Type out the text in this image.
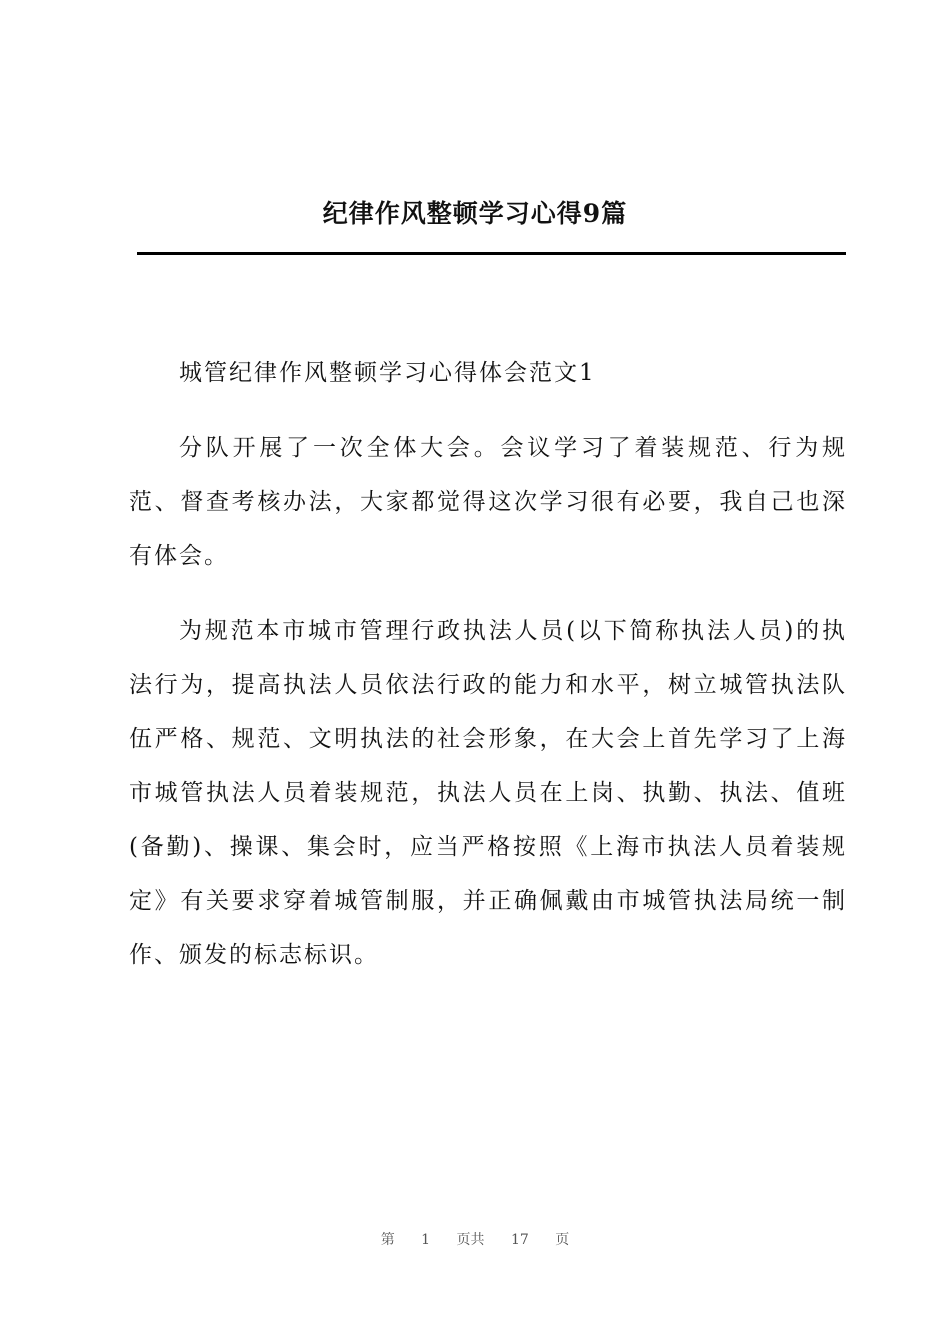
纪律作风整顿学习心得9篇

城管纪律作风整顿学习心得体会范文1

分队开展了一次全体大会。会议学习了着装规范、行为规范、督查考核办法，大家都觉得这次学习很有必要，我自己也深有体会。

为规范本市城市管理行政执法人员(以下简称执法人员)的执法行为，提高执法人员依法行政的能力和水平，树立城管执法队伍严格、规范、文明执法的社会形象，在大会上首先学习了上海市城管执法人员着装规范，执法人员在上岗、执勤、执法、值班(备勤)、操课、集会时，应当严格按照《上海市执法人员着装规定》有关要求穿着城管制服，并正确佩戴由市城管执法局统一制作、颁发的标志标识。

第 1 页共 17 页
